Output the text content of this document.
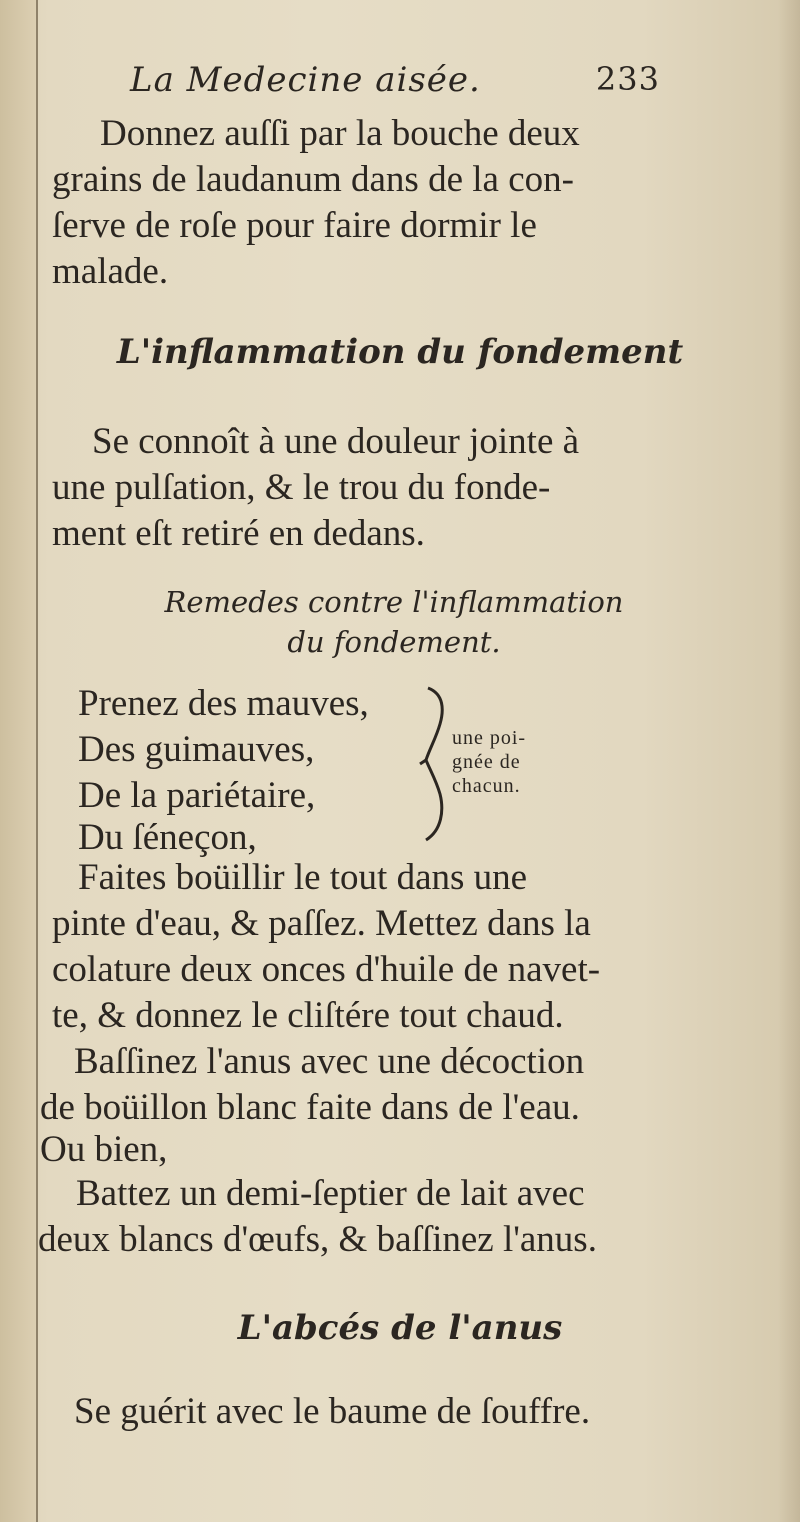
La Medecine aisée.	233
Donnez auſſi par la bouche deux
grains de laudanum dans de la con-
ſerve de roſe pour faire dormir le
malade.
L'inflammation du fondement
Se connoît à une douleur jointe à
une pulſation, & le trou du fonde-
ment eſt retiré en dedans.
Remedes contre l'inflammation
du fondement.
Prenez des mauves,
Des guimauves,
De la pariétaire,
Du ſéneçon,
une poi-
gnée de
chacun.
Faites boüillir le tout dans une
pinte d'eau, & paſſez. Mettez dans la
colature deux onces d'huile de navet-
te, & donnez le cliſtére tout chaud.
Baſſinez l'anus avec une décoction
de boüillon blanc faite dans de l'eau.
Ou bien,
Battez un demi-ſeptier de lait avec
deux blancs d'œufs, & baſſinez l'anus.
L'abcés de l'anus
Se guérit avec le baume de ſouffre.
